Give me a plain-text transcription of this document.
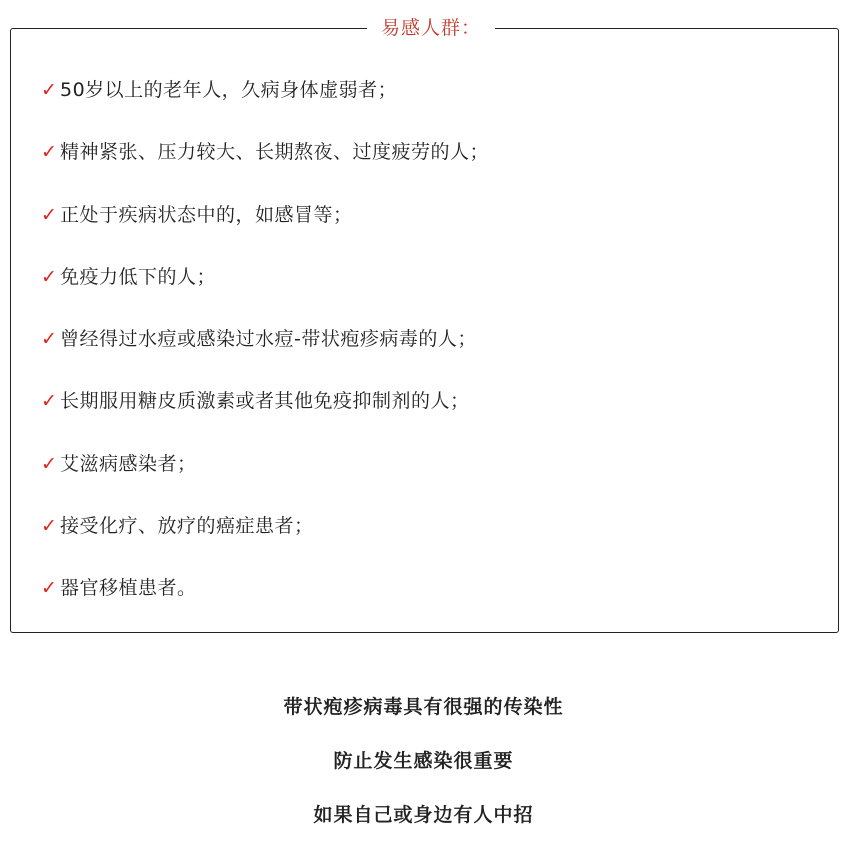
易感人群：
✓ 50岁以上的老年人，久病身体虚弱者；
✓ 精神紧张、压力较大、长期熬夜、过度疲劳的人；
✓ 正处于疾病状态中的，如感冒等；
✓ 免疫力低下的人；
✓ 曾经得过水痘或感染过水痘-带状疱疹病毒的人；
✓ 长期服用糖皮质激素或者其他免疫抑制剂的人；
✓ 艾滋病感染者；
✓ 接受化疗、放疗的癌症患者；
✓ 器官移植患者。
带状疱疹病毒具有很强的传染性
防止发生感染很重要
如果自己或身边有人中招
